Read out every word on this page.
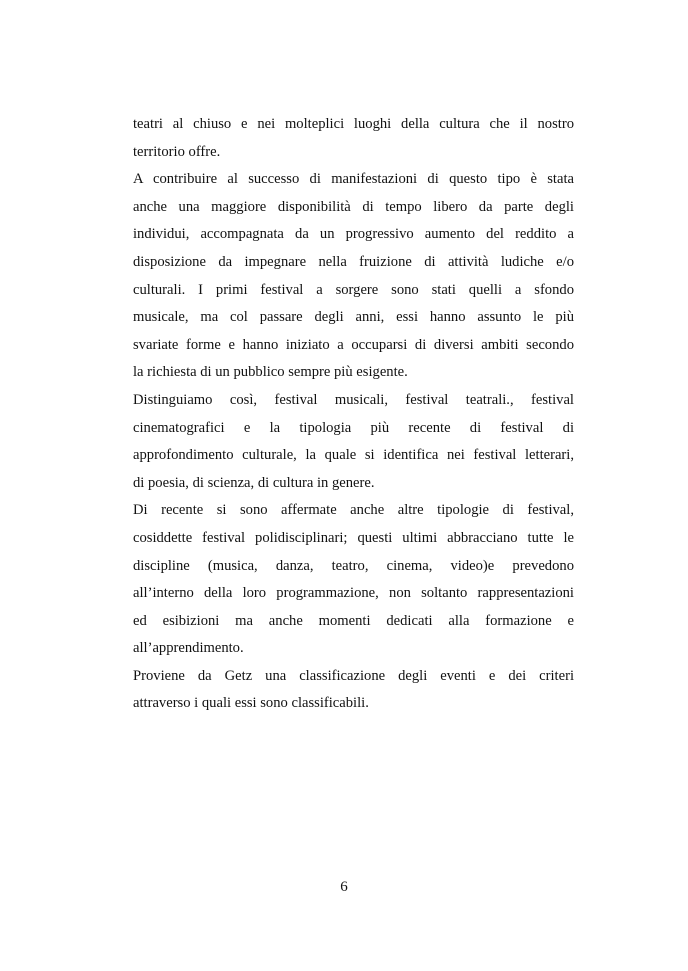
teatri al chiuso e nei molteplici luoghi della cultura che il nostro
territorio offre.
A contribuire al successo di manifestazioni di questo tipo è stata
anche una maggiore disponibilità di tempo libero da parte degli
individui, accompagnata da un progressivo aumento del reddito a
disposizione da impegnare nella fruizione di attività ludiche e/o
culturali. I primi festival a sorgere sono stati quelli a sfondo
musicale, ma col passare degli anni, essi hanno assunto le più
svariate forme e hanno iniziato a occuparsi di diversi ambiti secondo
la richiesta di un pubblico sempre più esigente.
Distinguiamo così, festival musicali, festival teatrali., festival
cinematografici e la tipologia più recente di festival di
approfondimento culturale, la quale si identifica nei festival letterari,
di poesia, di scienza, di cultura in genere.
Di recente si sono affermate anche altre tipologie di festival,
cosiddette festival polidisciplinari; questi ultimi abbracciano tutte le
discipline (musica, danza, teatro, cinema, video)e prevedono
all’interno della loro programmazione, non soltanto rappresentazioni
ed esibizioni ma anche momenti dedicati alla formazione e
all’apprendimento.
Proviene da Getz una classificazione degli eventi e dei criteri
attraverso i quali essi sono classificabili.
6
